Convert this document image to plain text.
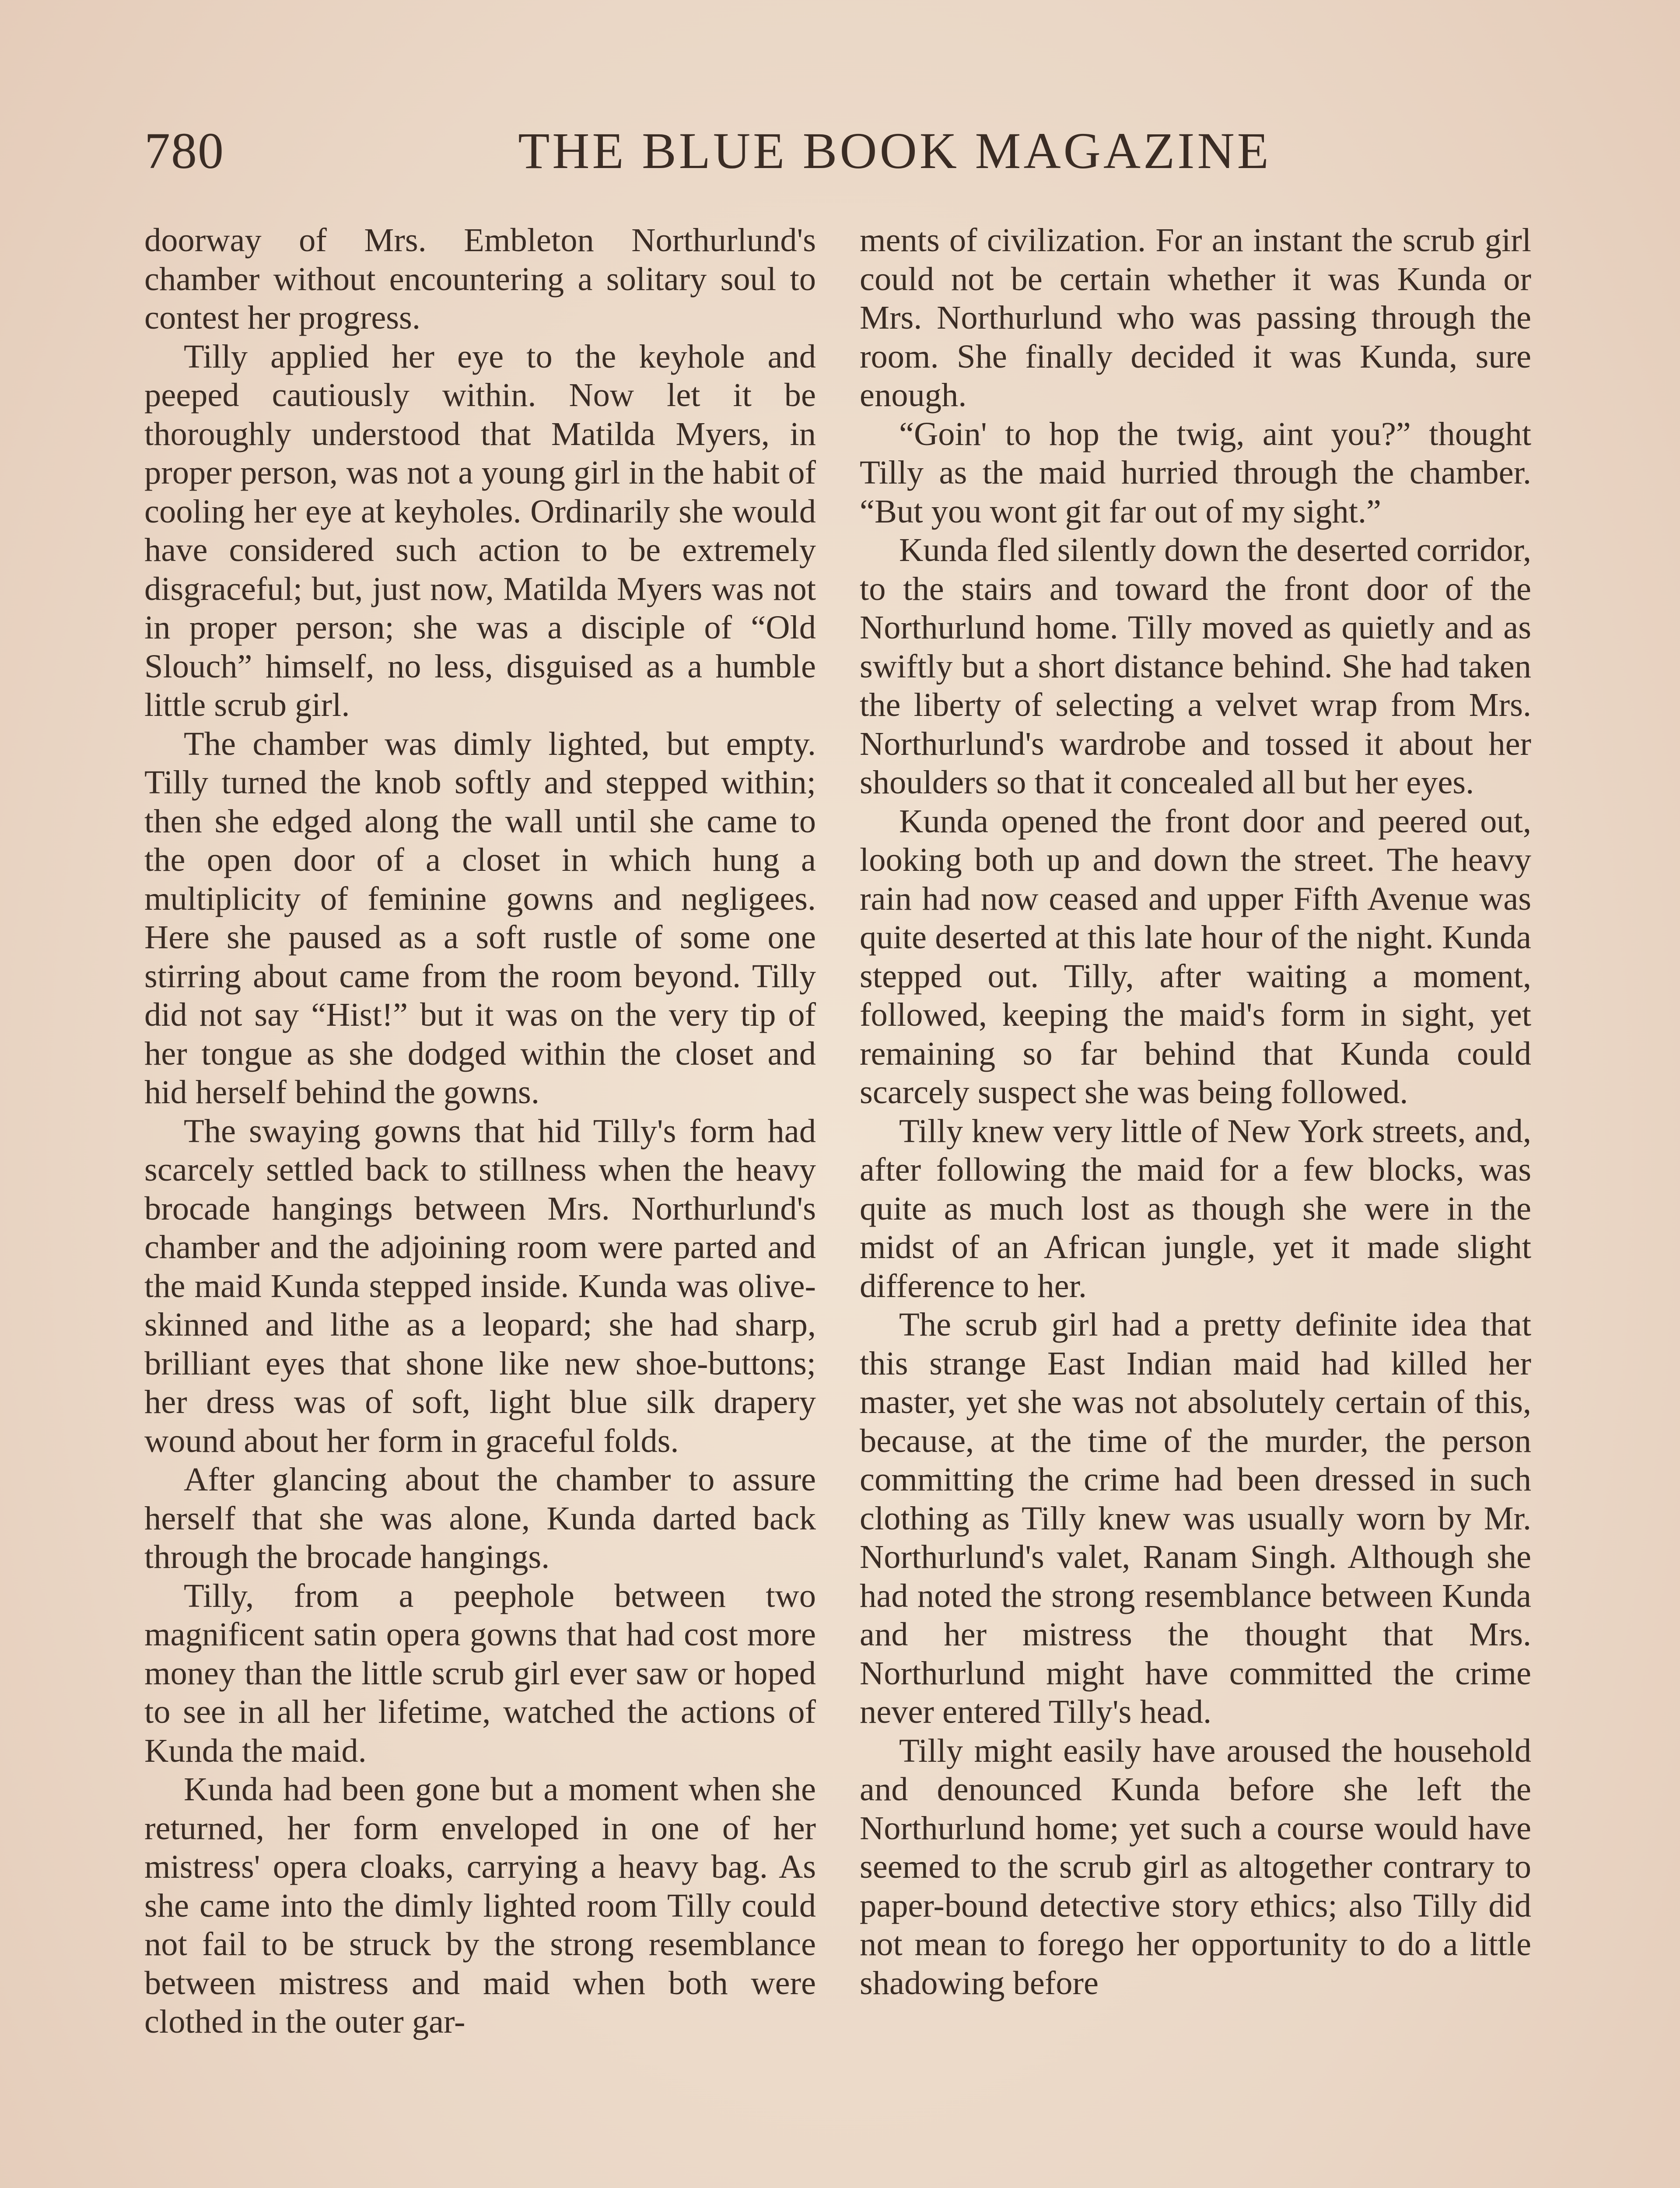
780	THE BLUE BOOK MAGAZINE

doorway of Mrs. Embleton Northurlund's chamber without encountering a solitary soul to contest her progress.

Tilly applied her eye to the keyhole and peeped cautiously within. Now let it be thoroughly understood that Matilda Myers, in proper person, was not a young girl in the habit of cooling her eye at keyholes. Ordinarily she would have considered such action to be extremely disgraceful; but, just now, Matilda Myers was not in proper person; she was a disciple of “Old Slouch” himself, no less, disguised as a humble little scrub girl.

The chamber was dimly lighted, but empty. Tilly turned the knob softly and stepped within; then she edged along the wall until she came to the open door of a closet in which hung a multiplicity of feminine gowns and negligees. Here she paused as a soft rustle of some one stirring about came from the room beyond. Tilly did not say “Hist!” but it was on the very tip of her tongue as she dodged within the closet and hid herself behind the gowns.

The swaying gowns that hid Tilly's form had scarcely settled back to stillness when the heavy brocade hangings between Mrs. Northurlund's chamber and the adjoining room were parted and the maid Kunda stepped inside. Kunda was olive-skinned and lithe as a leopard; she had sharp, brilliant eyes that shone like new shoe-buttons; her dress was of soft, light blue silk drapery wound about her form in graceful folds.

After glancing about the chamber to assure herself that she was alone, Kunda darted back through the brocade hangings.

Tilly, from a peephole between two magnificent satin opera gowns that had cost more money than the little scrub girl ever saw or hoped to see in all her lifetime, watched the actions of Kunda the maid.

Kunda had been gone but a moment when she returned, her form enveloped in one of her mistress' opera cloaks, carrying a heavy bag. As she came into the dimly lighted room Tilly could not fail to be struck by the strong resemblance between mistress and maid when both were clothed in the outer gar-

ments of civilization. For an instant the scrub girl could not be certain whether it was Kunda or Mrs. Northurlund who was passing through the room. She finally decided it was Kunda, sure enough.

“Goin' to hop the twig, aint you?” thought Tilly as the maid hurried through the chamber. “But you wont git far out of my sight.”

Kunda fled silently down the deserted corridor, to the stairs and toward the front door of the Northurlund home. Tilly moved as quietly and as swiftly but a short distance behind. She had taken the liberty of selecting a velvet wrap from Mrs. Northurlund's wardrobe and tossed it about her shoulders so that it concealed all but her eyes.

Kunda opened the front door and peered out, looking both up and down the street. The heavy rain had now ceased and upper Fifth Avenue was quite deserted at this late hour of the night. Kunda stepped out. Tilly, after waiting a moment, followed, keeping the maid's form in sight, yet remaining so far behind that Kunda could scarcely suspect she was being followed.

Tilly knew very little of New York streets, and, after following the maid for a few blocks, was quite as much lost as though she were in the midst of an African jungle, yet it made slight difference to her.

The scrub girl had a pretty definite idea that this strange East Indian maid had killed her master, yet she was not absolutely certain of this, because, at the time of the murder, the person committing the crime had been dressed in such clothing as Tilly knew was usually worn by Mr. Northurlund's valet, Ranam Singh. Although she had noted the strong resemblance between Kunda and her mistress the thought that Mrs. Northurlund might have committed the crime never entered Tilly's head.

Tilly might easily have aroused the household and denounced Kunda before she left the Northurlund home; yet such a course would have seemed to the scrub girl as altogether contrary to paper-bound detective story ethics; also Tilly did not mean to forego her opportunity to do a little shadowing before
